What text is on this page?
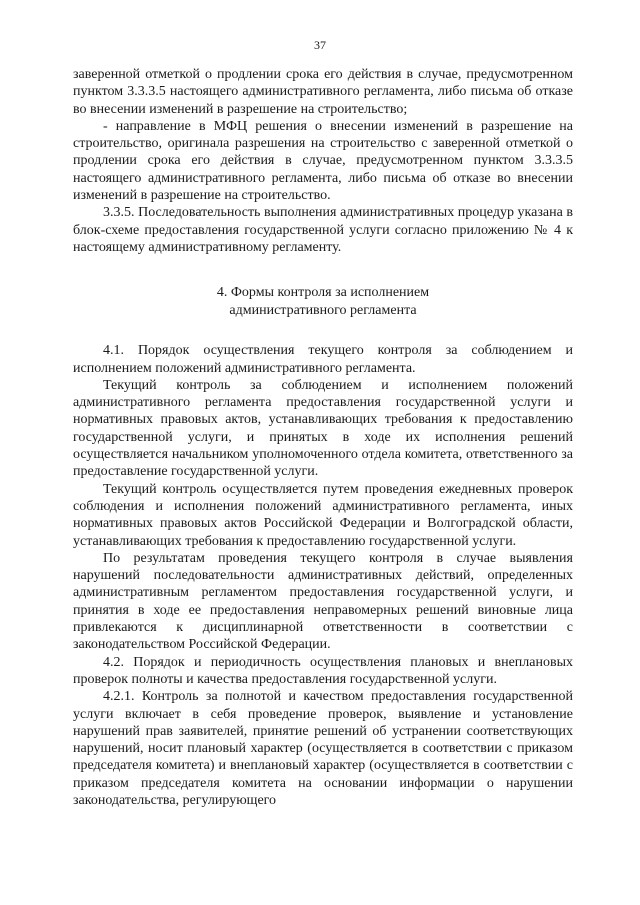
37

заверенной отметкой о продлении срока его действия в случае, предусмотренном пунктом 3.3.3.5 настоящего административного регламента, либо письма об отказе во внесении изменений в разрешение на строительство;

- направление в МФЦ решения о внесении изменений в разрешение на строительство, оригинала разрешения на строительство с заверенной отметкой о продлении срока его действия в случае, предусмотренном пунктом 3.3.3.5 настоящего административного регламента, либо письма об отказе во внесении изменений в разрешение на строительство.

3.3.5. Последовательность выполнения административных процедур указана в блок-схеме предоставления государственной услуги согласно приложению № 4 к настоящему административному регламенту.

4. Формы контроля за исполнением
административного регламента

4.1. Порядок осуществления текущего контроля за соблюдением и исполнением положений административного регламента.

Текущий контроль за соблюдением и исполнением положений административного регламента предоставления государственной услуги и нормативных правовых актов, устанавливающих требования к предоставлению государственной услуги, и принятых в ходе их исполнения решений осуществляется начальником уполномоченного отдела комитета, ответственного за предоставление государственной услуги.

Текущий контроль осуществляется путем проведения ежедневных проверок соблюдения и исполнения положений административного регламента, иных нормативных правовых актов Российской Федерации и Волгоградской области, устанавливающих требования к предоставлению государственной услуги.

По результатам проведения текущего контроля в случае выявления нарушений последовательности административных действий, определенных административным регламентом предоставления государственной услуги, и принятия в ходе ее предоставления неправомерных решений виновные лица привлекаются к дисциплинарной ответственности в соответствии с законодательством Российской Федерации.

4.2. Порядок и периодичность осуществления плановых и внеплановых проверок полноты и качества предоставления государственной услуги.

4.2.1. Контроль за полнотой и качеством предоставления государственной услуги включает в себя проведение проверок, выявление и установление нарушений прав заявителей, принятие решений об устранении соответствующих нарушений, носит плановый характер (осуществляется в соответствии с приказом председателя комитета) и внеплановый характер (осуществляется в соответствии с приказом председателя комитета на основании информации о нарушении законодательства, регулирующего
